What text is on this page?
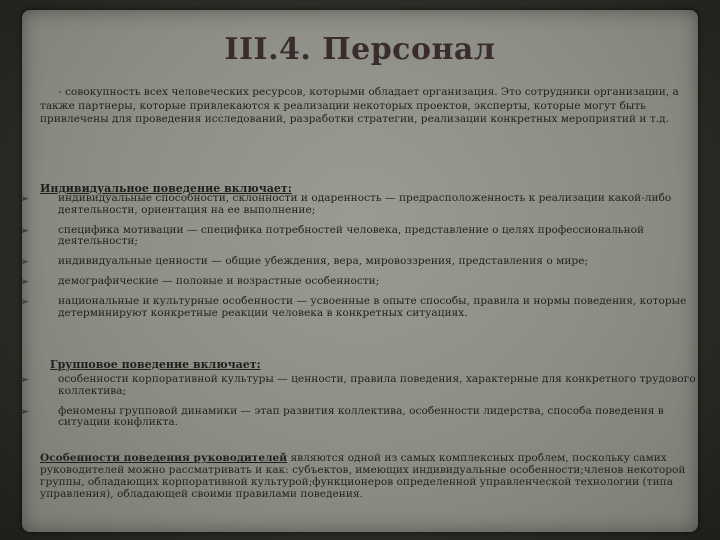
III.4. Персонал
- совокупность всех человеческих ресурсов, которыми обладает организация. Это сотрудники организации, а также партнеры, которые привлекаются к реализации некоторых проектов, эксперты, которые могут быть привлечены для проведения исследований, разработки стратегии, реализации конкретных мероприятий и т.д.
Индивидуальное поведение включает:
➢	индивидуальные способности, склонности и одаренность — предрасположенность к реализации какой-либо деятельности, ориентация на ее выполнение;
➢	специфика мотивации — специфика потребностей человека, представление о целях профессиональной деятельности;
➢	индивидуальные ценности — общие убеждения, вера, мировоззрения, представления о мире;
➢	демографические — половые и возрастные особенности;
➢	национальные и культурные особенности — усвоенные в опыте способы, правила и нормы поведения, которые детерминируют конкретные реакции человека в конкретных ситуациях.
Групповое поведение включает:
➢	особенности корпоративной культуры — ценности, правила поведения, характерные для конкретного трудового коллектива;
➢	феномены групповой динамики — этап развития коллектива, особенности лидерства, способа поведения в ситуации конфликта.
Особенности поведения руководителей являются одной из самых комплексных проблем, поскольку самих руководителей можно рассматривать и как: субъектов, имеющих индивидуальные особенности;членов некоторой группы, обладающих корпоративной культурой;функционеров определенной управленческой технологии (типа управления), обладающей своими правилами поведения.
